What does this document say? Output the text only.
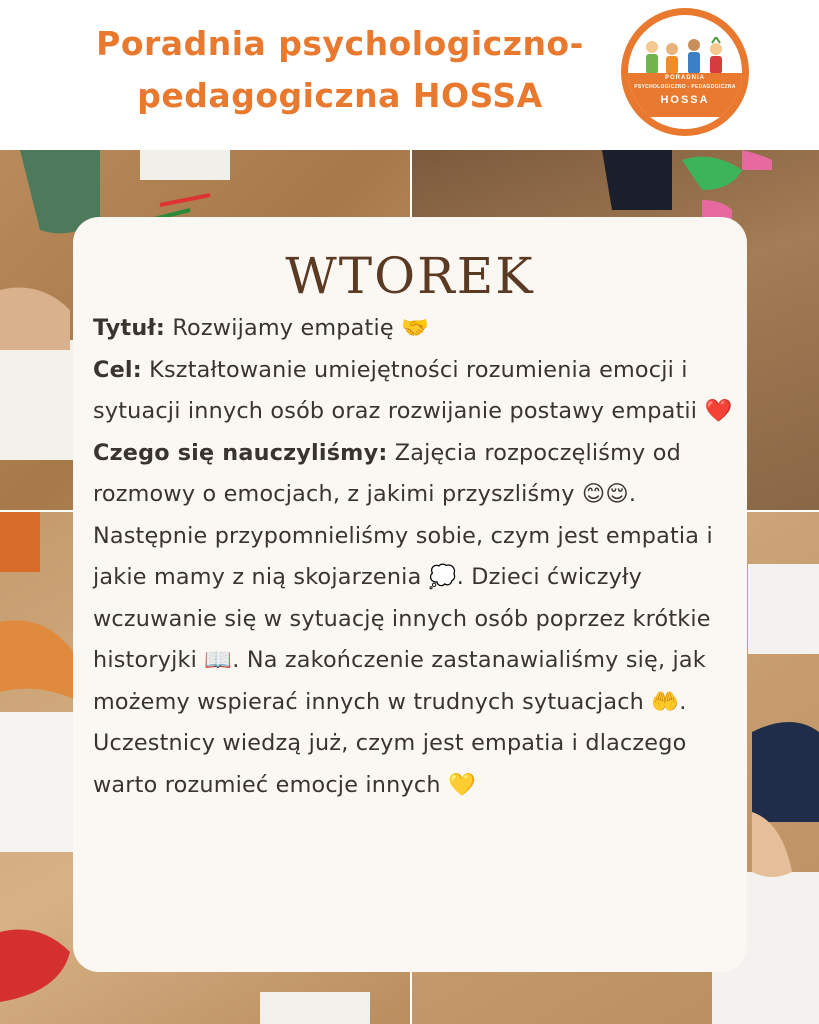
Poradnia psychologiczno-
pedagogiczna HOSSA	PORADNIA
PSYCHOLOGICZNO - PEDAGOGICZNA
HOSSA
WTOREK
Tytuł: Rozwijamy empatię 🤝
Cel: Kształtowanie umiejętności rozumienia emocji i sytuacji innych osób oraz rozwijanie postawy empatii ❤️
Czego się nauczyliśmy: Zajęcia rozpoczęliśmy od rozmowy o emocjach, z jakimi przyszliśmy 😊😌. Następnie przypomnieliśmy sobie, czym jest empatia i jakie mamy z nią skojarzenia 💭. Dzieci ćwiczyły wczuwanie się w sytuację innych osób poprzez krótkie historyjki 📖. Na zakończenie zastanawialiśmy się, jak możemy wspierać innych w trudnych sytuacjach 🤲. Uczestnicy wiedzą już, czym jest empatia i dlaczego warto rozumieć emocje innych 💛
